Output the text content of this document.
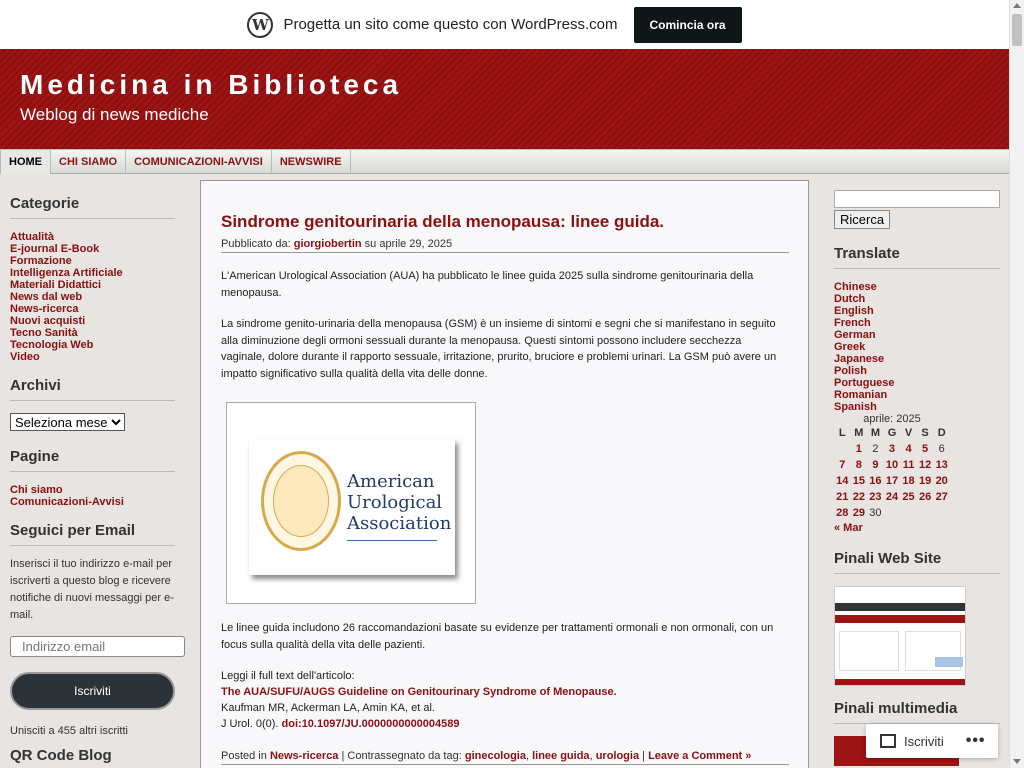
W Progetta un sito come questo con WordPress.com	Comincia ora
Medicina in Biblioteca
Weblog di news mediche
HOME	CHI SIAMO	COMUNICAZIONI-AVVISI	NEWSWIRE
Categorie
Attualità
E-journal E-Book
Formazione
Intelligenza Artificiale
Materiali Didattici
News dal web
News-ricerca
Nuovi acquisti
Tecno Sanità
Tecnologia Web
Video
Archivi
Seleziona mese
Pagine
Chi siamo
Comunicazioni-Avvisi
Seguici per Email

Inserisci il tuo indirizzo e-mail per iscriverti a questo blog e ricevere notifiche di nuovi messaggi per e-mail.

Indirizzo email
Iscriviti

Unisciti a 455 altri iscritti

QR Code Blog
Sindrome genitourinaria della menopausa: linee guida.
Pubblicato da: giorgiobertin su aprile 29, 2025

L'American Urological Association (AUA) ha pubblicato le linee guida 2025 sulla sindrome genitourinaria della menopausa.

La sindrome genito-urinaria della menopausa (GSM) è un insieme di sintomi e segni che si manifestano in seguito alla diminuzione degli ormoni sessuali durante la menopausa. Questi sintomi possono includere secchezza vaginale, dolore durante il rapporto sessuale, irritazione, prurito, bruciore e problemi urinari. La GSM può avere un impatto significativo sulla qualità della vita delle donne.

American
Urological
Association

Le linee guida includono 26 raccomandazioni basate su evidenze per trattamenti ormonali e non ormonali, con un focus sulla qualità della vita delle pazienti.

Leggi il full text dell'articolo:

The AUA/SUFU/AUGS Guideline on Genitourinary Syndrome of Menopause.

Kaufman MR, Ackerman LA, Amin KA, et al.

J Urol. 0(0). doi:10.1097/JU.0000000000004589

Posted in News-ricerca | Contrassegnato da tag: ginecologia, linee guida, urologia | Leave a Comment »
Ricerca
Translate
Chinese
Dutch
English
French
German
Greek
Japanese
Polish
Portuguese
Romanian
Spanish
aprile: 2025
L	M	M	G	V	S	D
	1	2	3	4	5	6
7	8	9	10	11	12	13
14	15	16	17	18	19	20
21	22	23	24	25	26	27
28	29	30				
« Mar
Pinali Web Site
Pinali multimedia
Iscriviti •••
